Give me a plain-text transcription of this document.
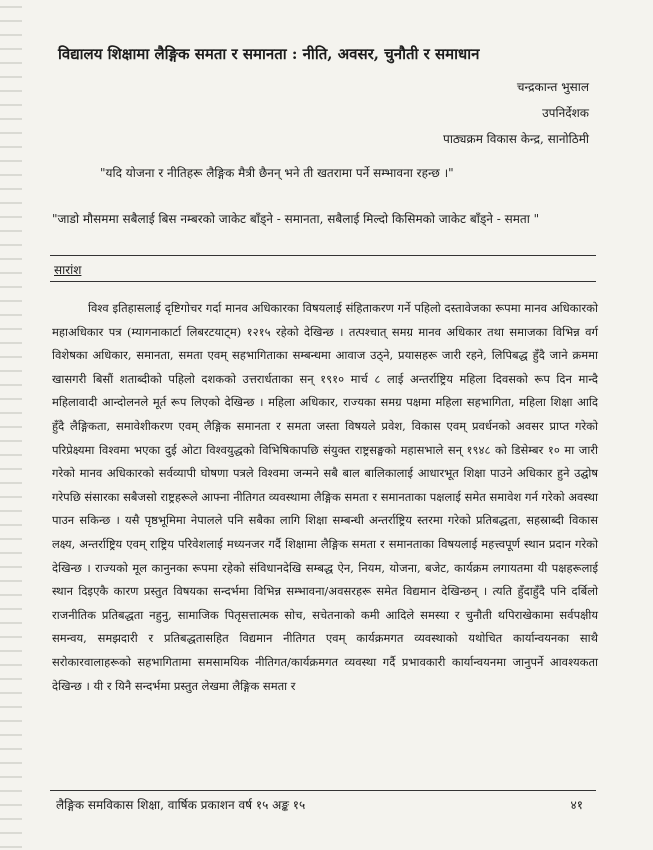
विद्यालय शिक्षामा लैङ्गिक समता र समानता : नीति, अवसर, चुनौती र समाधान
चन्द्रकान्त भुसाल
उपनिर्देशक
पाठ्यक्रम विकास केन्द्र, सानोठिमी
"यदि योजना र नीतिहरू लैङ्गिक मैत्री छैनन् भने ती खतरामा पर्ने सम्भावना रहन्छ ।"
"जाडो मौसममा सबैलाई बिस नम्बरको जाकेट बाँड्ने - समानता, सबैलाई मिल्दो किसिमको जाकेट बाँड्ने - समता "
सारांश
विश्व इतिहासलाई दृष्टिगोचर गर्दा मानव अधिकारका विषयलाई संहिताकरण गर्ने पहिलो दस्तावेजका रूपमा मानव अधिकारको महाअधिकार पत्र (म्यागनाकार्टा लिबरटयाट्म) १२१५ रहेको देखिन्छ । तत्पश्चात् समग्र मानव अधिकार तथा समाजका विभिन्न वर्ग विशेषका अधिकार, समानता, समता एवम् सहभागिताका सम्बन्धमा आवाज उठ्ने, प्रयासहरू जारी रहने, लिपिबद्ध हुँदै जाने क्रममा खासगरी बिसौं शताब्दीको पहिलो दशकको उत्तरार्धताका सन् १९१० मार्च ८ लाई अन्तर्राष्ट्रिय महिला दिवसको रूप दिन मान्दै महिलावादी आन्दोलनले मूर्त रूप लिएको देखिन्छ । महिला अधिकार, राज्यका समग्र पक्षमा महिला सहभागिता, महिला शिक्षा आदि हुँदै लैङ्गिकता, समावेशीकरण एवम् लैङ्गिक समानता र समता जस्ता विषयले प्रवेश, विकास एवम् प्रवर्धनको अवसर प्राप्त गरेको परिप्रेक्ष्यमा विश्वमा भएका दुई ओटा विश्वयुद्धको विभिषिकापछि संयुक्त राष्ट्रसङ्घको महासभाले सन् १९४८ को डिसेम्बर १० मा जारी गरेको मानव अधिकारको सर्वव्यापी घोषणा पत्रले विश्वमा जन्मने सबै बाल बालिकालाई आधारभूत शिक्षा पाउने अधिकार हुने उद्घोष गरेपछि संसारका सबैजसो राष्ट्रहरूले आफ्ना नीतिगत व्यवस्थामा लैङ्गिक समता र समानताका पक्षलाई समेत समावेश गर्न गरेको अवस्था पाउन सकिन्छ । यसै पृष्ठभूमिमा नेपालले पनि सबैका लागि शिक्षा सम्बन्धी अन्तर्राष्ट्रिय स्तरमा गरेको प्रतिबद्धता, सहस्राब्दी विकास लक्ष्य, अन्तर्राष्ट्रिय एवम् राष्ट्रिय परिवेशलाई मध्यनजर गर्दै शिक्षामा लैङ्गिक समता र समानताका विषयलाई महत्त्वपूर्ण स्थान प्रदान गरेको देखिन्छ । राज्यको मूल कानुनका रूपमा रहेको संविधानदेखि सम्बद्ध ऐन, नियम, योजना, बजेट, कार्यक्रम लगायतमा यी पक्षहरूलाई स्थान दिइएकै कारण प्रस्तुत विषयका सन्दर्भमा विभिन्न सम्भावना/अवसरहरू समेत विद्यमान देखिन्छन् । त्यति हुँदाहुँदै पनि दर्बिलो राजनीतिक प्रतिबद्धता नहुनु, सामाजिक पितृसत्तात्मक सोच, सचेतनाको कमी आदिले समस्या र चुनौती थपिराखेकामा सर्वपक्षीय समन्वय, समझदारी र प्रतिबद्धतासहित विद्यमान नीतिगत एवम् कार्यक्रमगत व्यवस्थाको यथोचित कार्यान्वयनका साथै सरोकारवालाहरूको सहभागितामा समसामयिक नीतिगत/कार्यक्रमगत व्यवस्था गर्दै प्रभावकारी कार्यान्वयनमा जानुपर्ने आवश्यकता देखिन्छ । यी र यिनै सन्दर्भमा प्रस्तुत लेखमा लैङ्गिक समता र
लैङ्गिक समविकास शिक्षा, वार्षिक प्रकाशन वर्ष १५ अङ्क १५	४१
